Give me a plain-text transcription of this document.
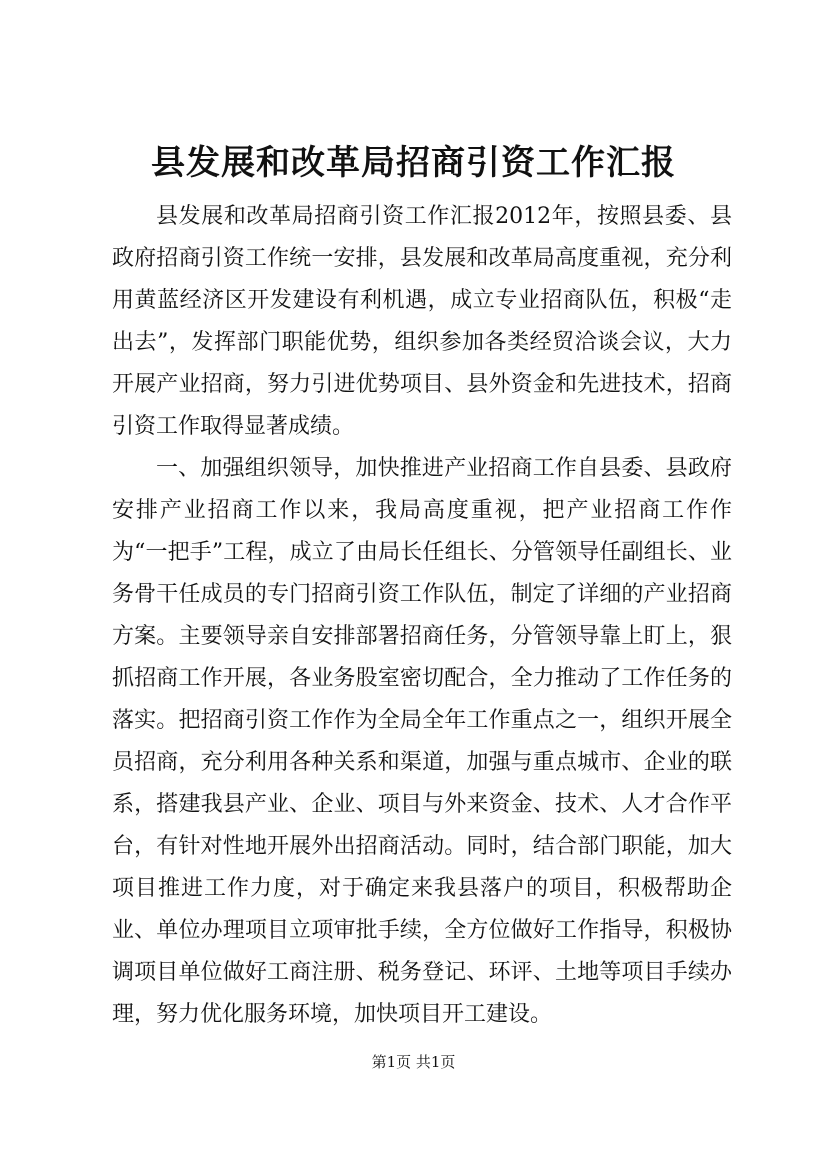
县发展和改革局招商引资工作汇报

县发展和改革局招商引资工作汇报2012年，按照县委、县政府招商引资工作统一安排，县发展和改革局高度重视，充分利用黄蓝经济区开发建设有利机遇，成立专业招商队伍，积极“走出去”，发挥部门职能优势，组织参加各类经贸洽谈会议，大力开展产业招商，努力引进优势项目、县外资金和先进技术，招商引资工作取得显著成绩。

一、加强组织领导，加快推进产业招商工作自县委、县政府安排产业招商工作以来，我局高度重视，把产业招商工作作为“一把手”工程，成立了由局长任组长、分管领导任副组长、业务骨干任成员的专门招商引资工作队伍，制定了详细的产业招商方案。主要领导亲自安排部署招商任务，分管领导靠上盯上，狠抓招商工作开展，各业务股室密切配合，全力推动了工作任务的落实。把招商引资工作作为全局全年工作重点之一，组织开展全员招商，充分利用各种关系和渠道，加强与重点城市、企业的联系，搭建我县产业、企业、项目与外来资金、技术、人才合作平台，有针对性地开展外出招商活动。同时，结合部门职能，加大项目推进工作力度，对于确定来我县落户的项目，积极帮助企业、单位办理项目立项审批手续，全方位做好工作指导，积极协调项目单位做好工商注册、税务登记、环评、土地等项目手续办理，努力优化服务环境，加快项目开工建设。

第1页 共1页
